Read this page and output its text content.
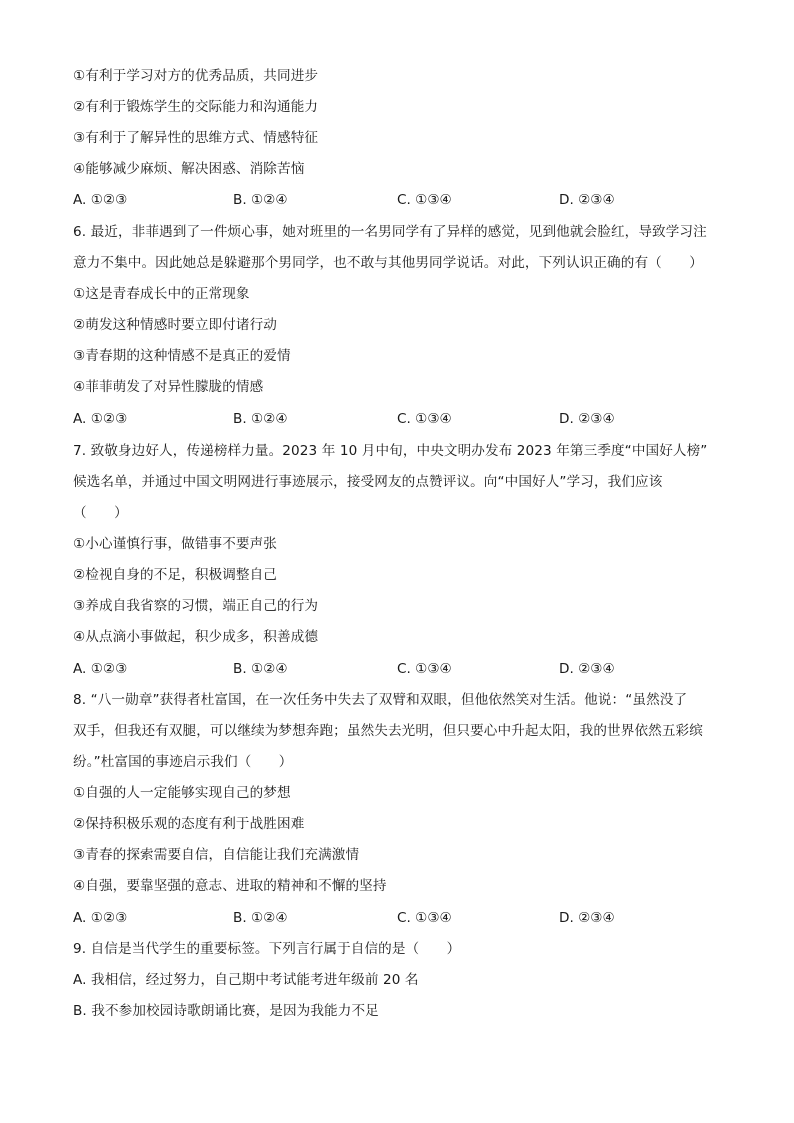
①有利于学习对方的优秀品质，共同进步
②有利于锻炼学生的交际能力和沟通能力
③有利于了解异性的思维方式、情感特征
④能够减少麻烦、解决困惑、消除苦恼
A. ①②③	B. ①②④	C. ①③④	D. ②③④
6. 最近，非菲遇到了一件烦心事，她对班里的一名男同学有了异样的感觉，见到他就会脸红，导致学习注
意力不集中。因此她总是躲避那个男同学，也不敢与其他男同学说话。对此，下列认识正确的有（　　）
①这是青春成长中的正常现象
②萌发这种情感时要立即付诸行动
③青春期的这种情感不是真正的爱情
④菲菲萌发了对异性朦胧的情感
A. ①②③	B. ①②④	C. ①③④	D. ②③④
7. 致敬身边好人，传递榜样力量。2023 年 10 月中旬，中央文明办发布 2023 年第三季度“中国好人榜”
候选名单，并通过中国文明网进行事迹展示，接受网友的点赞评议。向“中国好人”学习，我们应该
（　　）
①小心谨慎行事，做错事不要声张
②检视自身的不足，积极调整自己
③养成自我省察的习惯，端正自己的行为
④从点滴小事做起，积少成多，积善成德
A. ①②③	B. ①②④	C. ①③④	D. ②③④
8. “八一勋章”获得者杜富国，在一次任务中失去了双臂和双眼，但他依然笑对生活。他说：“虽然没了
双手，但我还有双腿，可以继续为梦想奔跑；虽然失去光明，但只要心中升起太阳，我的世界依然五彩缤
纷。”杜富国的事迹启示我们（　　）
①自强的人一定能够实现自己的梦想
②保持积极乐观的态度有利于战胜困难
③青春的探索需要自信，自信能让我们充满激情
④自强，要靠坚强的意志、进取的精神和不懈的坚持
A. ①②③	B. ①②④	C. ①③④	D. ②③④
9. 自信是当代学生的重要标签。下列言行属于自信的是（　　）
A. 我相信，经过努力，自己期中考试能考进年级前 20 名
B. 我不参加校园诗歌朗诵比赛，是因为我能力不足
